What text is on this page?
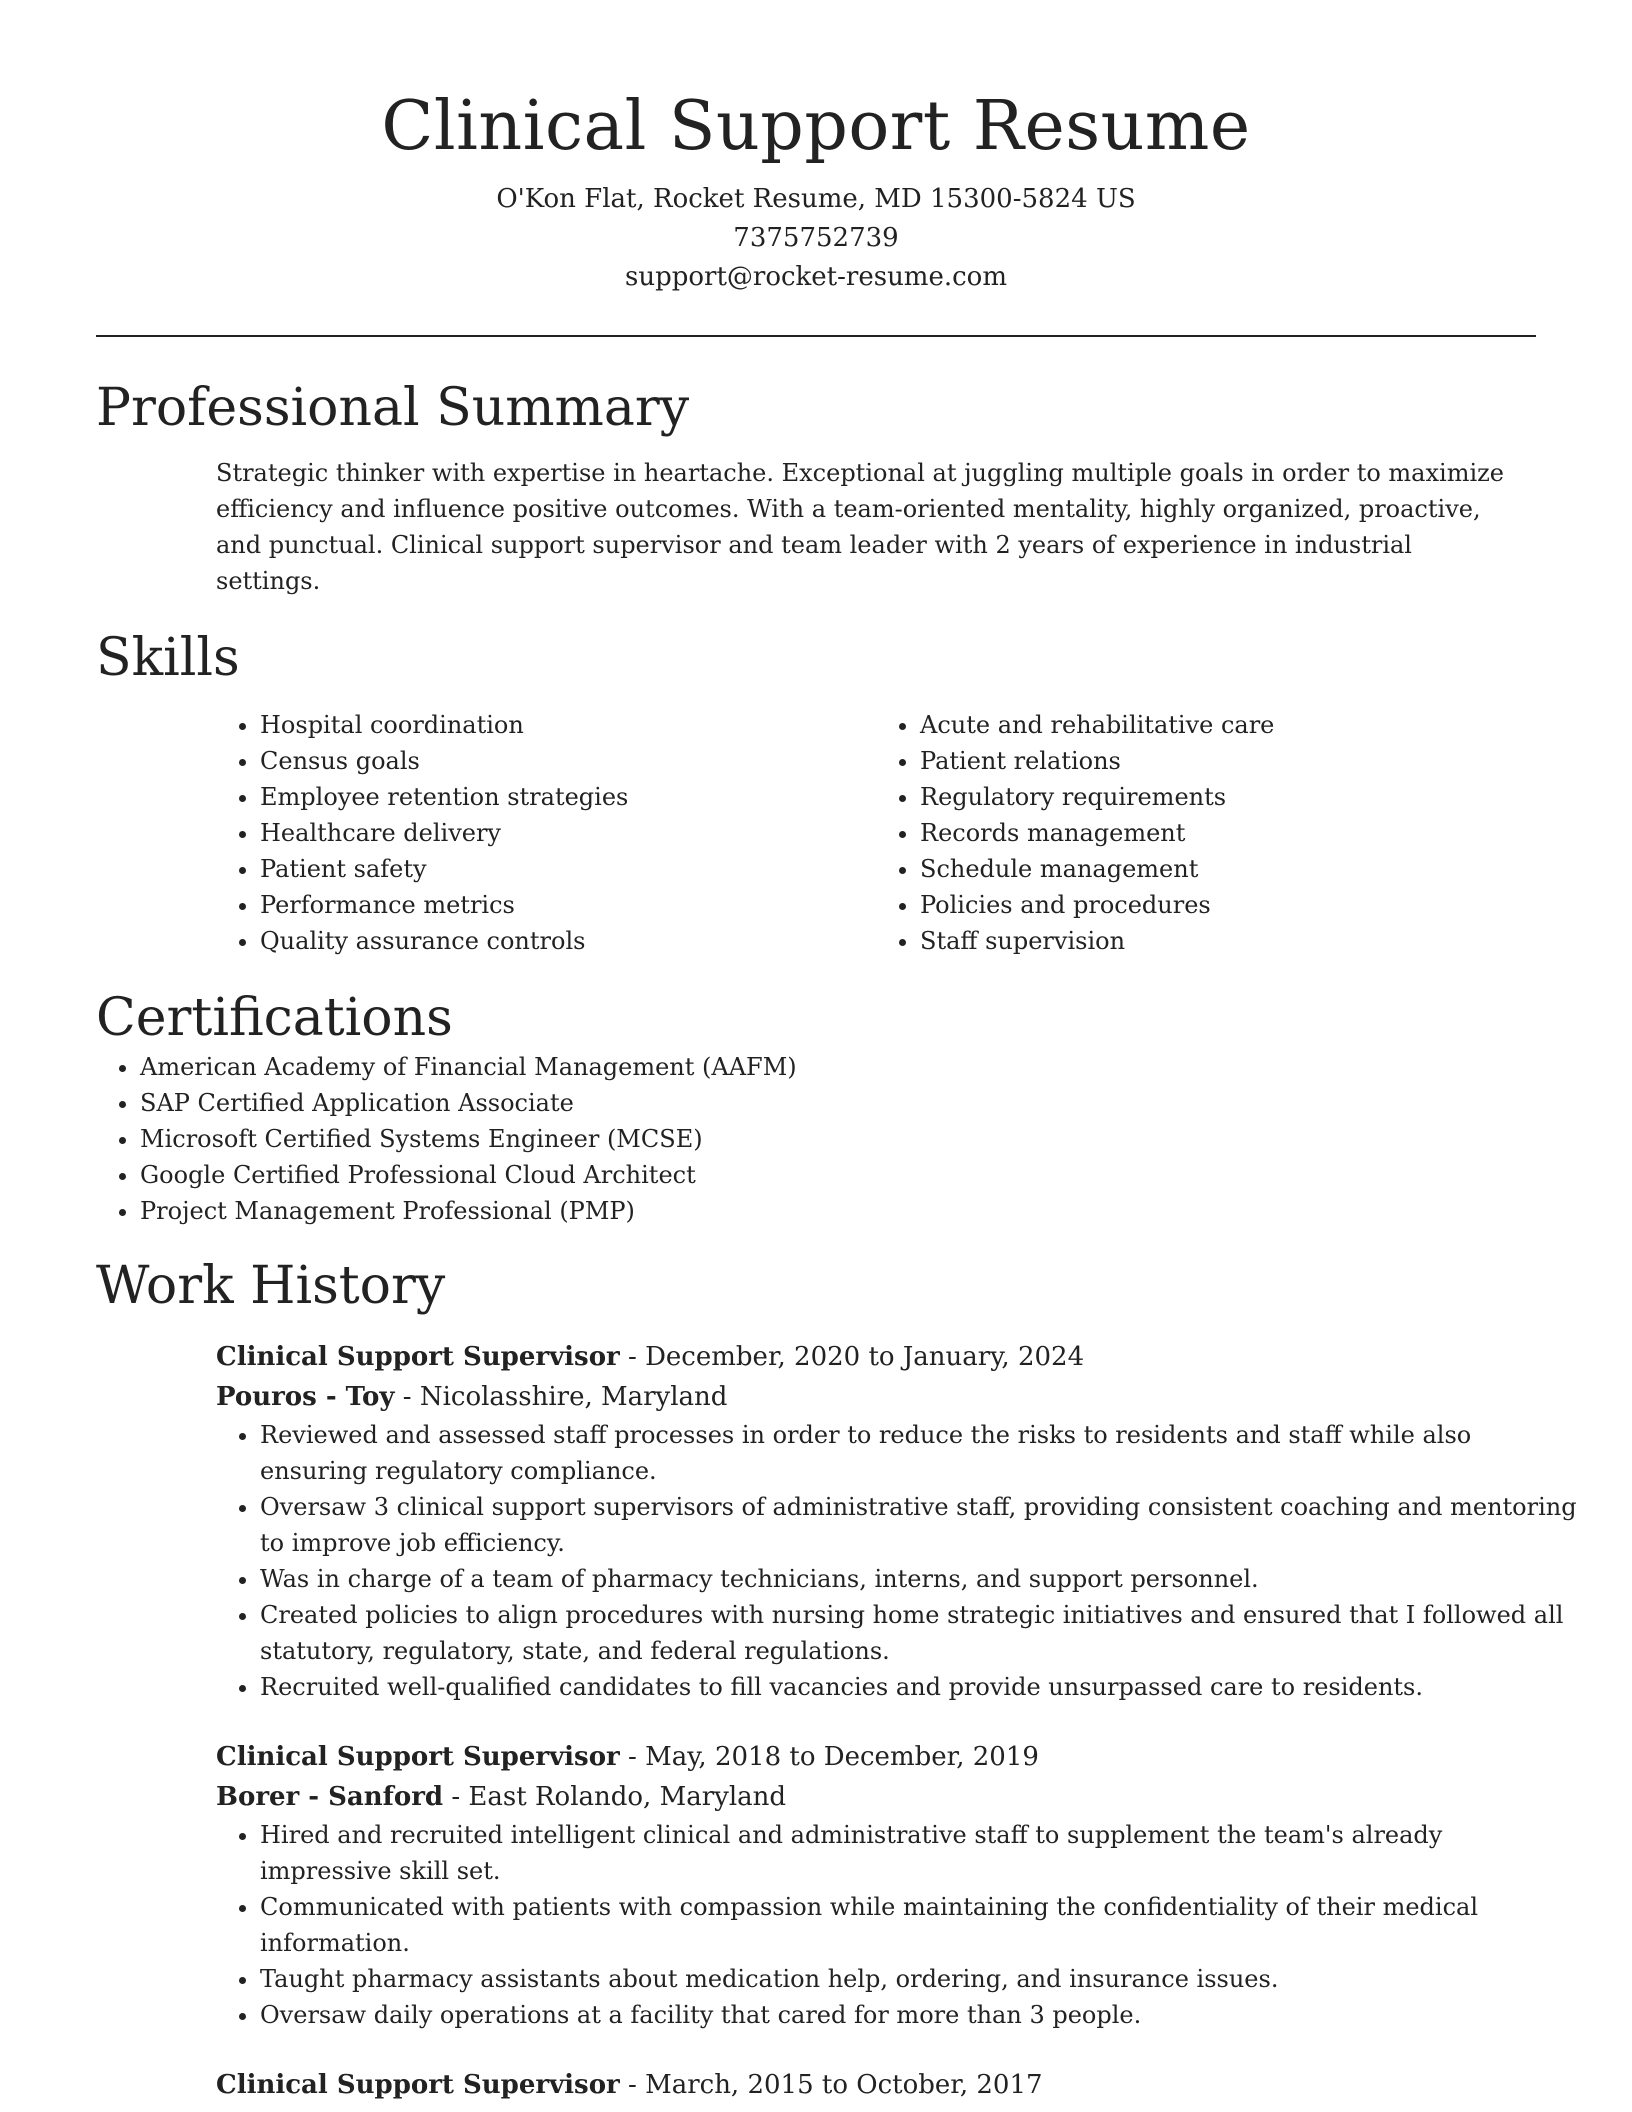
Clinical Support Resume
O'Kon Flat, Rocket Resume, MD 15300-5824 US
7375752739
support@rocket-resume.com
Professional Summary

Strategic thinker with expertise in heartache. Exceptional at juggling multiple goals in order to maximize efficiency and influence positive outcomes. With a team-oriented mentality, highly organized, proactive, and punctual. Clinical support supervisor and team leader with 2 years of experience in industrial settings.

Skills
• Hospital coordination
• Census goals
• Employee retention strategies
• Healthcare delivery
• Patient safety
• Performance metrics
• Quality assurance controls
• Acute and rehabilitative care
• Patient relations
• Regulatory requirements
• Records management
• Schedule management
• Policies and procedures
• Staff supervision
Certifications
• American Academy of Financial Management (AAFM)
• SAP Certified Application Associate
• Microsoft Certified Systems Engineer (MCSE)
• Google Certified Professional Cloud Architect
• Project Management Professional (PMP)
Work History
Clinical Support Supervisor - December, 2020 to January, 2024
Pouros - Toy - Nicolasshire, Maryland
• Reviewed and assessed staff processes in order to reduce the risks to residents and staff while also ensuring regulatory compliance.
• Oversaw 3 clinical support supervisors of administrative staff, providing consistent coaching and mentoring to improve job efficiency.
• Was in charge of a team of pharmacy technicians, interns, and support personnel.
• Created policies to align procedures with nursing home strategic initiatives and ensured that I followed all statutory, regulatory, state, and federal regulations.
• Recruited well-qualified candidates to fill vacancies and provide unsurpassed care to residents.
Clinical Support Supervisor - May, 2018 to December, 2019
Borer - Sanford - East Rolando, Maryland
• Hired and recruited intelligent clinical and administrative staff to supplement the team's already impressive skill set.
• Communicated with patients with compassion while maintaining the confidentiality of their medical information.
• Taught pharmacy assistants about medication help, ordering, and insurance issues.
• Oversaw daily operations at a facility that cared for more than 3 people.
Clinical Support Supervisor - March, 2015 to October, 2017
